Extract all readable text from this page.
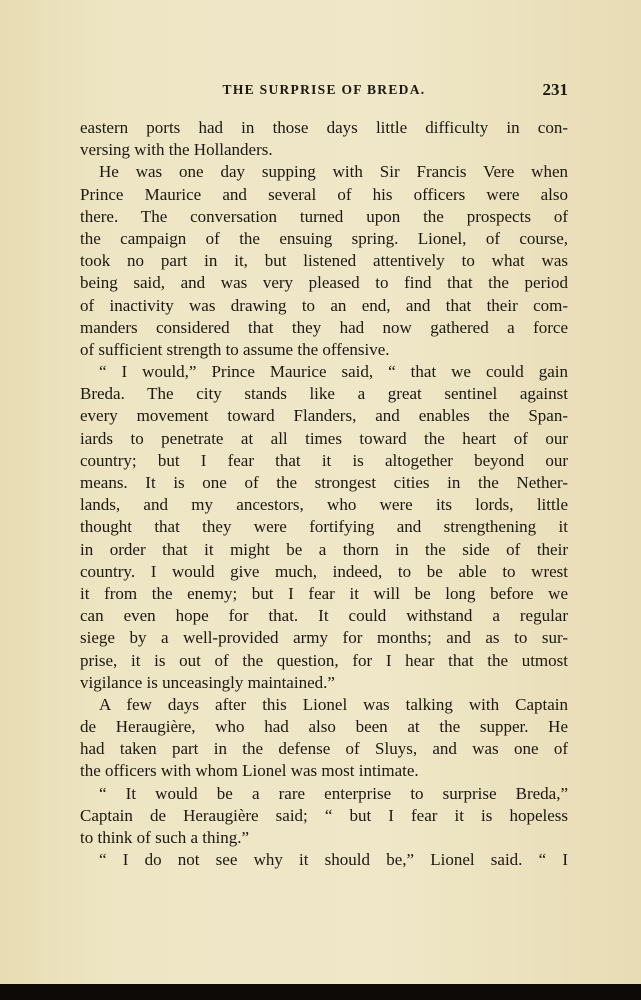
THE SURPRISE OF BREDA.	231
eastern ports had in those days little difficulty in con-
versing with the Hollanders.
He was one day supping with Sir Francis Vere when
Prince Maurice and several of his officers were also
there. The conversation turned upon the prospects of
the campaign of the ensuing spring. Lionel, of course,
took no part in it, but listened attentively to what was
being said, and was very pleased to find that the period
of inactivity was drawing to an end, and that their com-
manders considered that they had now gathered a force
of sufficient strength to assume the offensive.
“ I would,” Prince Maurice said, “ that we could gain
Breda. The city stands like a great sentinel against
every movement toward Flanders, and enables the Span-
iards to penetrate at all times toward the heart of our
country; but I fear that it is altogether beyond our
means. It is one of the strongest cities in the Nether-
lands, and my ancestors, who were its lords, little
thought that they were fortifying and strengthening it
in order that it might be a thorn in the side of their
country. I would give much, indeed, to be able to wrest
it from the enemy; but I fear it will be long before we
can even hope for that. It could withstand a regular
siege by a well-provided army for months; and as to sur-
prise, it is out of the question, for I hear that the utmost
vigilance is unceasingly maintained.”
A few days after this Lionel was talking with Captain
de Heraugière, who had also been at the supper. He
had taken part in the defense of Sluys, and was one of
the officers with whom Lionel was most intimate.
“ It would be a rare enterprise to surprise Breda,”
Captain de Heraugière said; “ but I fear it is hopeless
to think of such a thing.”
“ I do not see why it should be,” Lionel said. “ I
